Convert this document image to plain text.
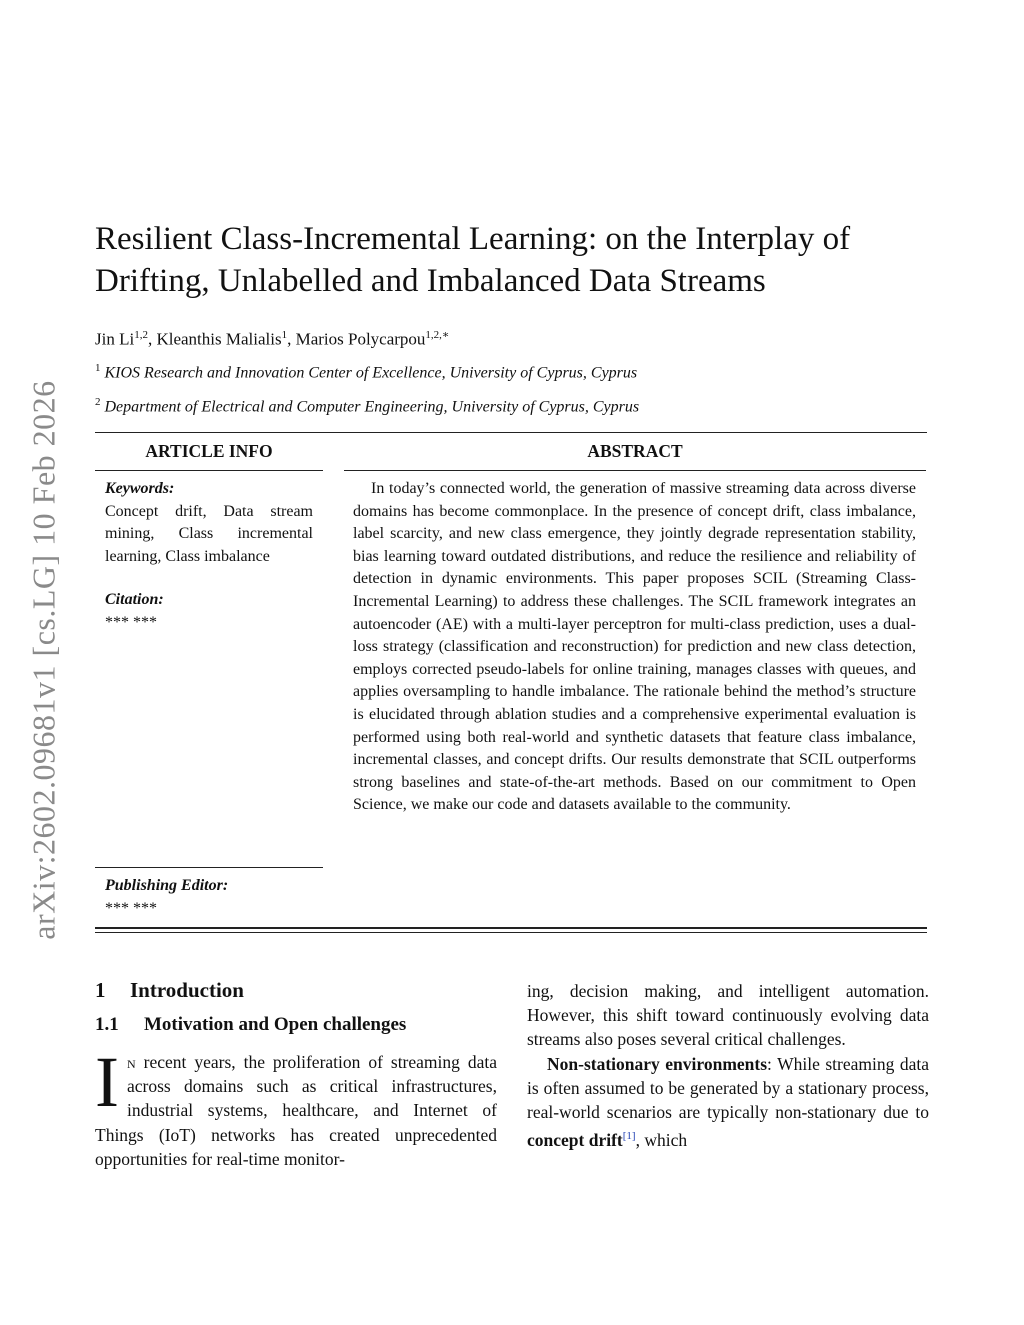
arXiv:2602.09681v1 [cs.LG] 10 Feb 2026
Resilient Class-Incremental Learning: on the Interplay of Drifting, Unlabelled and Imbalanced Data Streams
Jin Li$^{1,2}$, Kleanthis Malialis$^1$, Marios Polycarpou$^{1,2,∗}$
$^1$ KIOS Research and Innovation Center of Excellence, University of Cyprus, Cyprus
$^2$ Department of Electrical and Computer Engineering, University of Cyprus, Cyprus
ARTICLE INFO	ABSTRACT
Keywords:
Concept drift, Data stream mining, Class incremental learning, Class imbalance
Citation:
*** ***
Publishing Editor:
*** ***

In today’s connected world, the generation of massive streaming data across diverse domains has become commonplace. In the presence of concept drift, class imbalance, label scarcity, and new class emergence, they jointly degrade representation stability, bias learning toward outdated distributions, and reduce the resilience and reliability of detection in dynamic environments. This paper proposes SCIL (Streaming Class-Incremental Learning) to address these challenges. The SCIL framework integrates an autoencoder (AE) with a multi-layer perceptron for multi-class prediction, uses a dual-loss strategy (classification and reconstruction) for prediction and new class detection, employs corrected pseudo-labels for online training, manages classes with queues, and applies oversampling to handle imbalance. The rationale behind the method’s structure is elucidated through ablation studies and a comprehensive experimental evaluation is performed using both real-world and synthetic datasets that feature class imbalance, incremental classes, and concept drifts. Our results demonstrate that SCIL outperforms strong baselines and state-of-the-art methods. Based on our commitment to Open Science, we make our code and datasets available to the community.

1 Introduction
1.1 Motivation and Open challenges

In recent years, the proliferation of streaming data across domains such as critical infrastructures, industrial systems, healthcare, and Internet of Things (IoT) networks has created unprecedented opportunities for real-time monitor-

ing, decision making, and intelligent automation. However, this shift toward continuously evolving data streams also poses several critical challenges.

Non-stationary environments: While streaming data is often assumed to be generated by a stationary process, real-world scenarios are typically non-stationary due to concept drift[1], which
